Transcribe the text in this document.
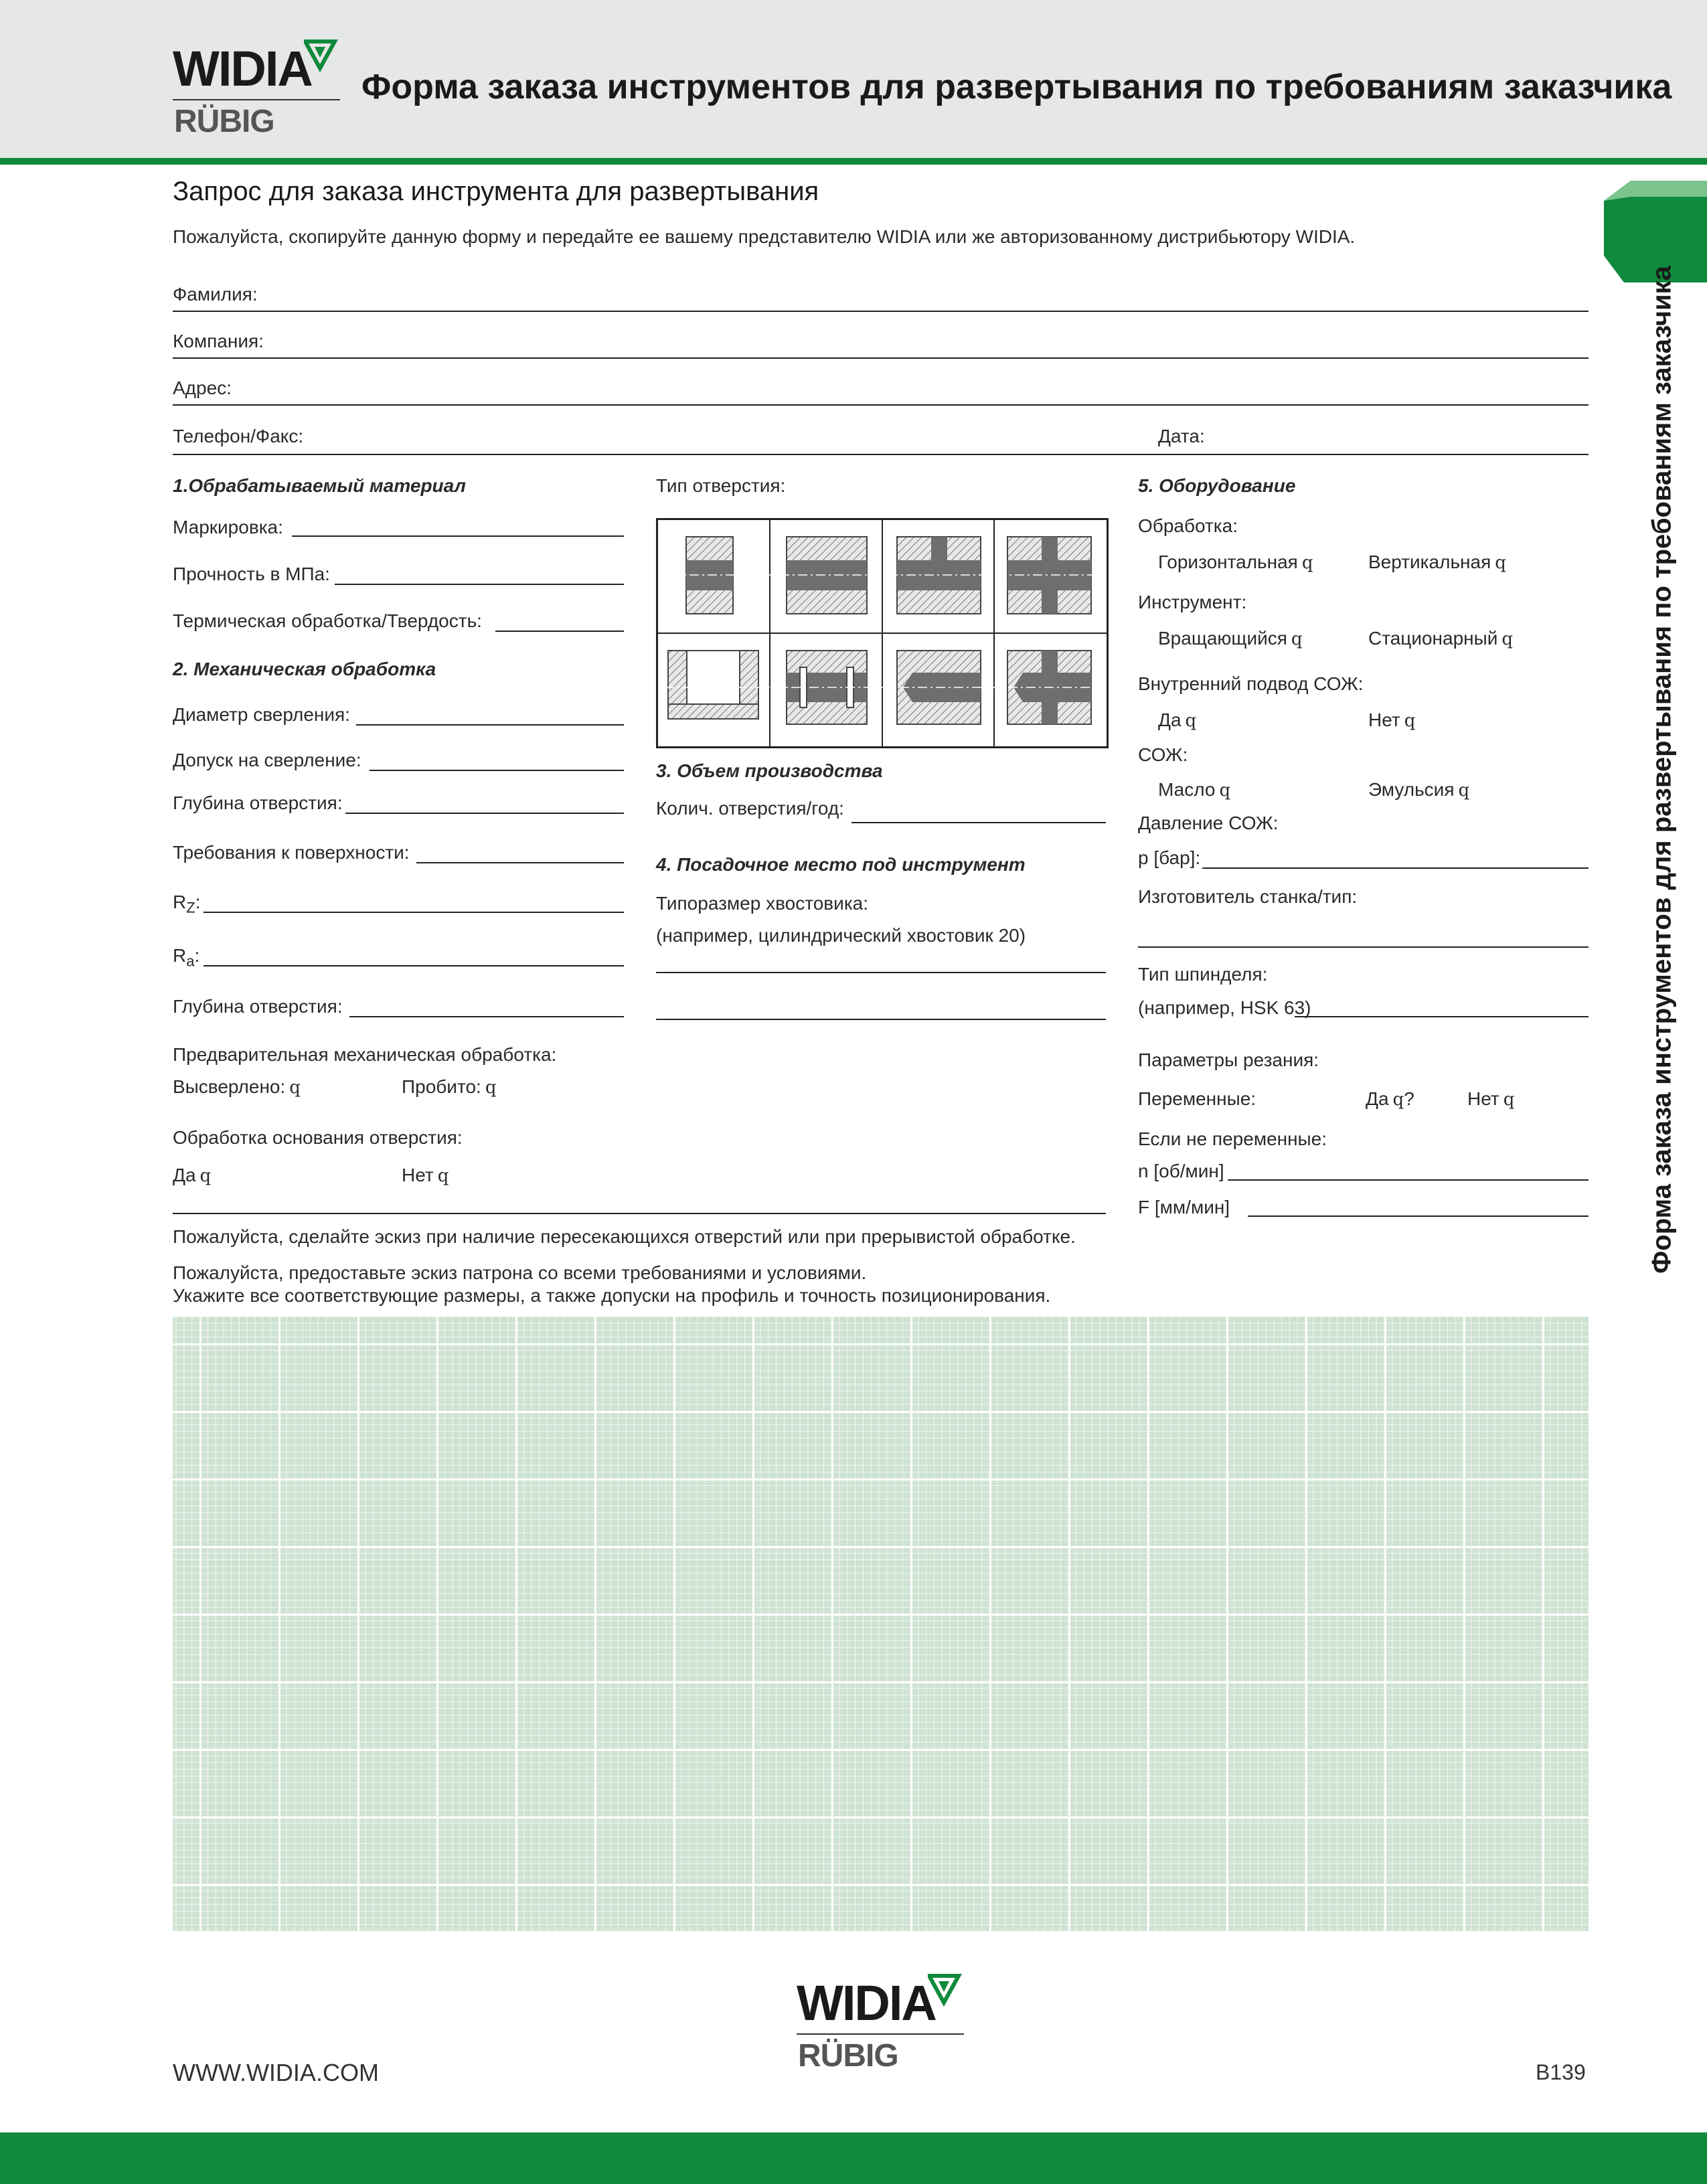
WIDIA
RÜBIG
Форма заказа инструментов для развертывания по требованиям заказчика
Форма заказа инструментов для развертывания по требованиям заказчика
Запрос для заказа инструмента для развертывания
Пожалуйста, скопируйте данную форму и передайте ее вашему представителю WIDIA или же авторизованному дистрибьютору WIDIA.
Фамилия:
Компания:
Адрес:
Телефон/Факс:	Дата:
1.Обрабатываемый материал
Маркировка:
Прочность в МПа:
Термическая обработка/Твердость:
2. Механическая обработка
Диаметр сверления:
Допуск на сверление:
Глубина отверстия:
Требования к поверхности:
$R_Z$:
$R_a$:
Глубина отверстия:
Предварительная механическая обработка:
Высверлено: q	Пробито: q
Обработка основания отверстия:
Да q	Нет q
Тип отверстия:
3. Объем производства
Колич. отверстия/год:
4. Посадочное место под инструмент
Типоразмер хвостовика:
(например, цилиндрический хвостовик 20)
5. Оборудование
Обработка:
Горизонтальная q	Вертикальная q
Инструмент:
Вращающийся q	Стационарный q
Внутренний подвод СОЖ:
Да q	Нет q
СОЖ:
Масло q	Эмульсия q
Давление СОЖ:
p [бар]:
Изготовитель станка/тип:
Тип шпинделя:
(например, HSK 63)
Параметры резания:
Переменные:	Да q?	Нет q
Если не переменные:
n [об/мин]
F [мм/мин]
Пожалуйста, сделайте эскиз при наличие пересекающихся отверстий или при прерывистой обработке.
Пожалуйста, предоставьте эскиз патрона со всеми требованиями и условиями.
Укажите все соответствующие размеры, а также допуски на профиль и точность позиционирования.
WIDIA
RÜBIG
WWW.WIDIA.COM	B139
